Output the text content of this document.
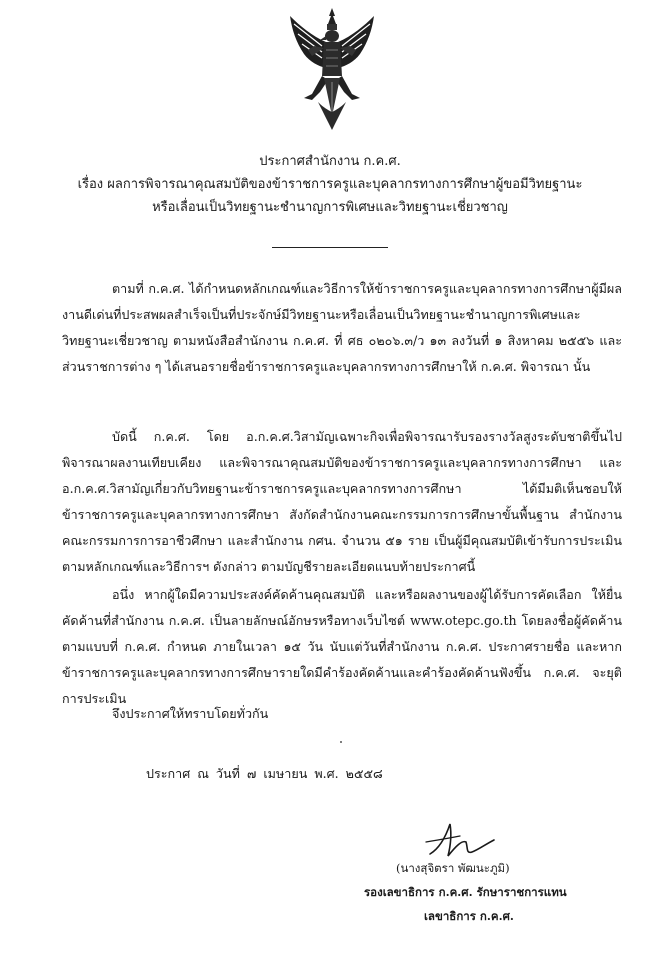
ประกาศสำนักงาน ก.ค.ศ.
เรื่อง ผลการพิจารณาคุณสมบัติของข้าราชการครูและบุคลากรทางการศึกษาผู้ขอมีวิทยฐานะ
หรือเลื่อนเป็นวิทยฐานะชำนาญการพิเศษและวิทยฐานะเชี่ยวชาญ

ตามที่ ก.ค.ศ. ได้กำหนดหลักเกณฑ์และวิธีการให้ข้าราชการครูและบุคลากรทางการศึกษาผู้มีผลงานดีเด่นที่ประสพผลสำเร็จเป็นที่ประจักษ์มีวิทยฐานะหรือเลื่อนเป็นวิทยฐานะชำนาญการพิเศษและวิทยฐานะเชี่ยวชาญ ตามหนังสือสำนักงาน ก.ค.ศ. ที่ ศธ ๐๒๐๖.๓/ว ๑๓ ลงวันที่ ๑ สิงหาคม ๒๕๕๖ และส่วนราชการต่าง ๆ ได้เสนอรายชื่อข้าราชการครูและบุคลากรทางการศึกษาให้ ก.ค.ศ. พิจารณา นั้น

บัดนี้ ก.ค.ศ. โดย อ.ก.ค.ศ.วิสามัญเฉพาะกิจเพื่อพิจารณารับรองรางวัลสูงระดับชาติขึ้นไป พิจารณาผลงานเทียบเคียง และพิจารณาคุณสมบัติของข้าราชการครูและบุคลากรทางการศึกษา และ อ.ก.ค.ศ.วิสามัญเกี่ยวกับวิทยฐานะข้าราชการครูและบุคลากรทางการศึกษา ได้มีมติเห็นชอบให้ข้าราชการครูและบุคลากรทางการศึกษา สังกัดสำนักงานคณะกรรมการการศึกษาขั้นพื้นฐาน สำนักงานคณะกรรมการการอาชีวศึกษา และสำนักงาน กศน. จำนวน ๕๑ ราย เป็นผู้มีคุณสมบัติเข้ารับการประเมินตามหลักเกณฑ์และวิธีการฯ ดังกล่าว ตามบัญชีรายละเอียดแนบท้ายประกาศนี้

อนึ่ง หากผู้ใดมีความประสงค์คัดค้านคุณสมบัติ และหรือผลงานของผู้ได้รับการคัดเลือก ให้ยื่นคัดค้านที่สำนักงาน ก.ค.ศ. เป็นลายลักษณ์อักษรหรือทางเว็บไซต์ www.otepc.go.th โดยลงชื่อผู้คัดค้านตามแบบที่ ก.ค.ศ. กำหนด ภายในเวลา ๑๕ วัน นับแต่วันที่สำนักงาน ก.ค.ศ. ประกาศรายชื่อ และหากข้าราชการครูและบุคลากรทางการศึกษารายใดมีคำร้องคัดค้านและคำร้องคัดค้านฟังขึ้น ก.ค.ศ. จะยุติการประเมิน

จึงประกาศให้ทราบโดยทั่วกัน
ประกาศ ณ วันที่ ๗ เมษายน พ.ศ. ๒๕๕๘
(นางสุจิตรา พัฒนะภูมิ)
รองเลขาธิการ ก.ค.ศ. รักษาราชการแทน
เลขาธิการ ก.ค.ศ.
